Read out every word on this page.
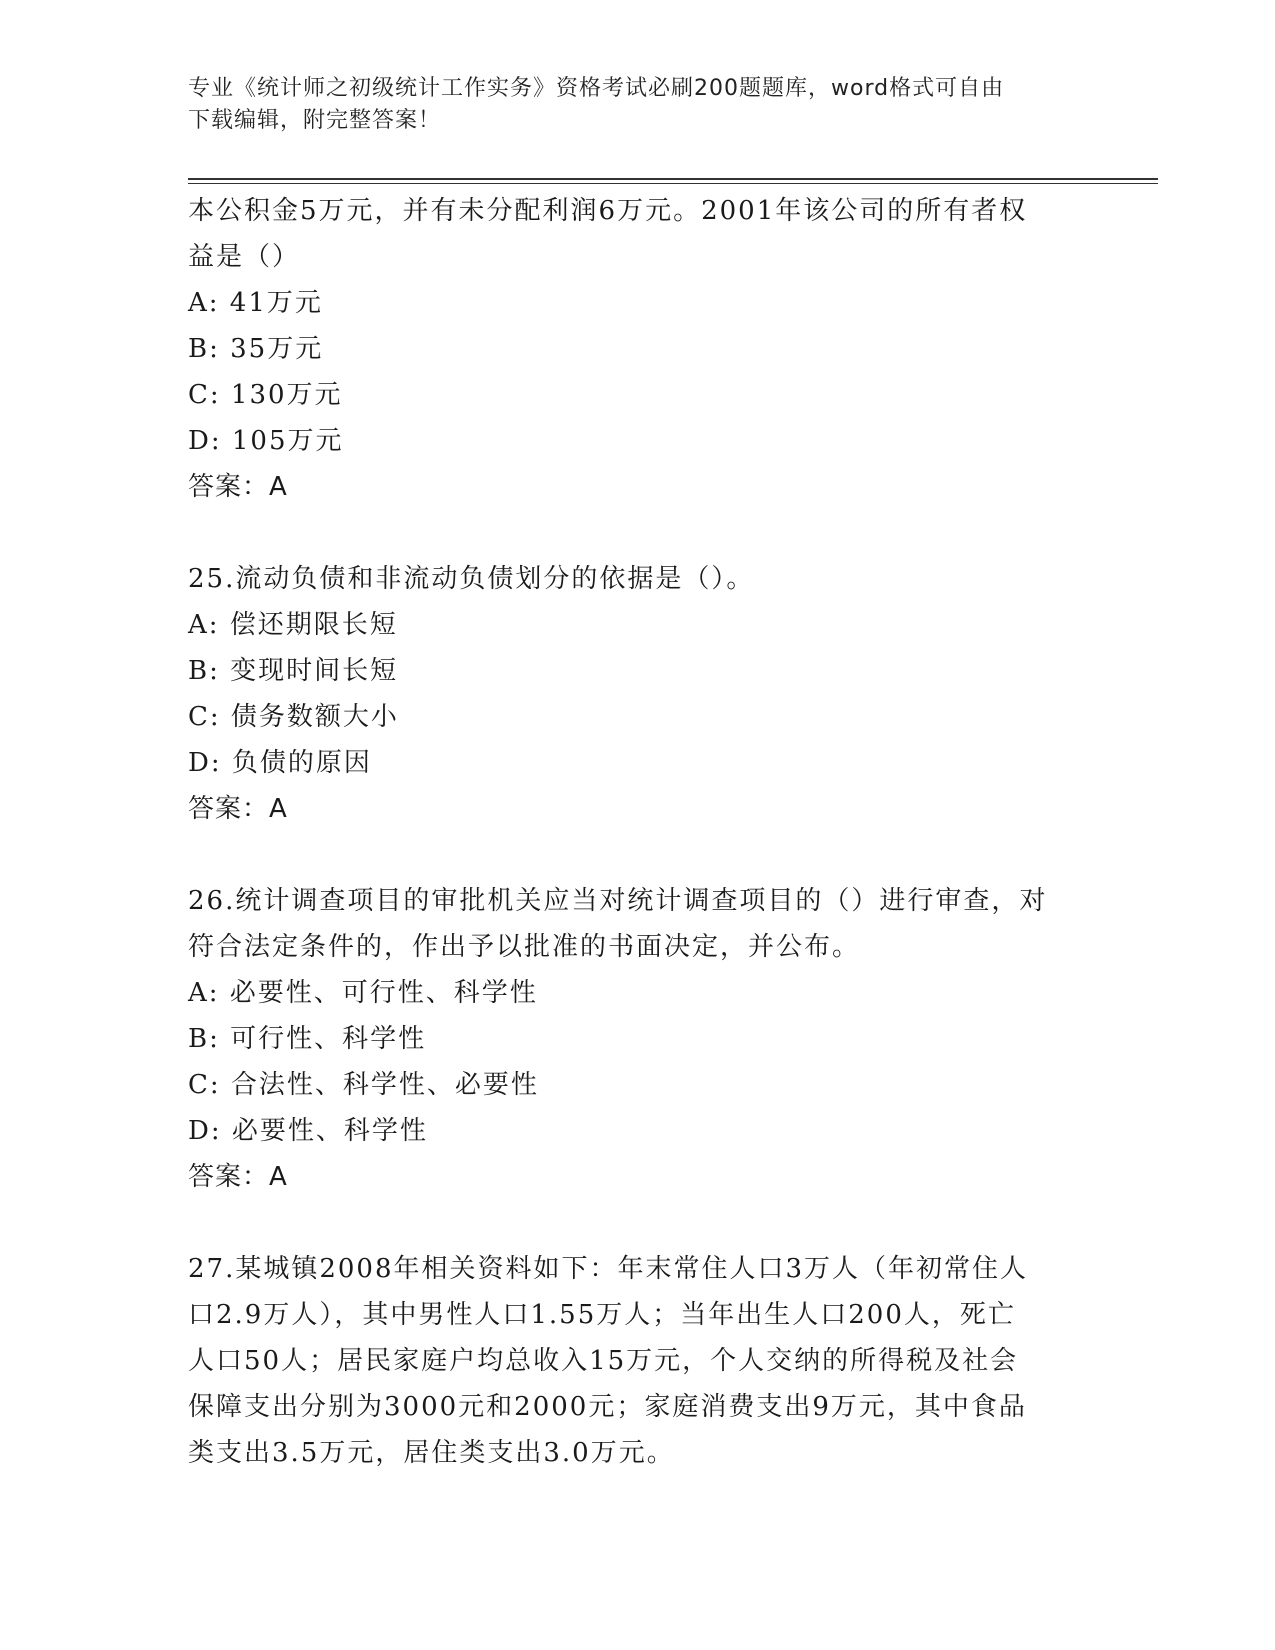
专业《统计师之初级统计工作实务》资格考试必刷200题题库，word格式可自由
下载编辑，附完整答案！
本公积金5万元，并有未分配利润6万元。2001年该公司的所有者权
益是（）
A: 41万元
B: 35万元
C: 130万元
D: 105万元
答案：A
25.流动负债和非流动负债划分的依据是（）。
A: 偿还期限长短
B: 变现时间长短
C: 债务数额大小
D: 负债的原因
答案：A
26.统计调查项目的审批机关应当对统计调查项目的（）进行审查，对
符合法定条件的，作出予以批准的书面决定，并公布。
A: 必要性、可行性、科学性
B: 可行性、科学性
C: 合法性、科学性、必要性
D: 必要性、科学性
答案：A
27.某城镇2008年相关资料如下：年末常住人口3万人（年初常住人
口2.9万人），其中男性人口1.55万人；当年出生人口200人，死亡
人口50人；居民家庭户均总收入15万元，个人交纳的所得税及社会
保障支出分别为3000元和2000元；家庭消费支出9万元，其中食品
类支出3.5万元，居住类支出3.0万元。
